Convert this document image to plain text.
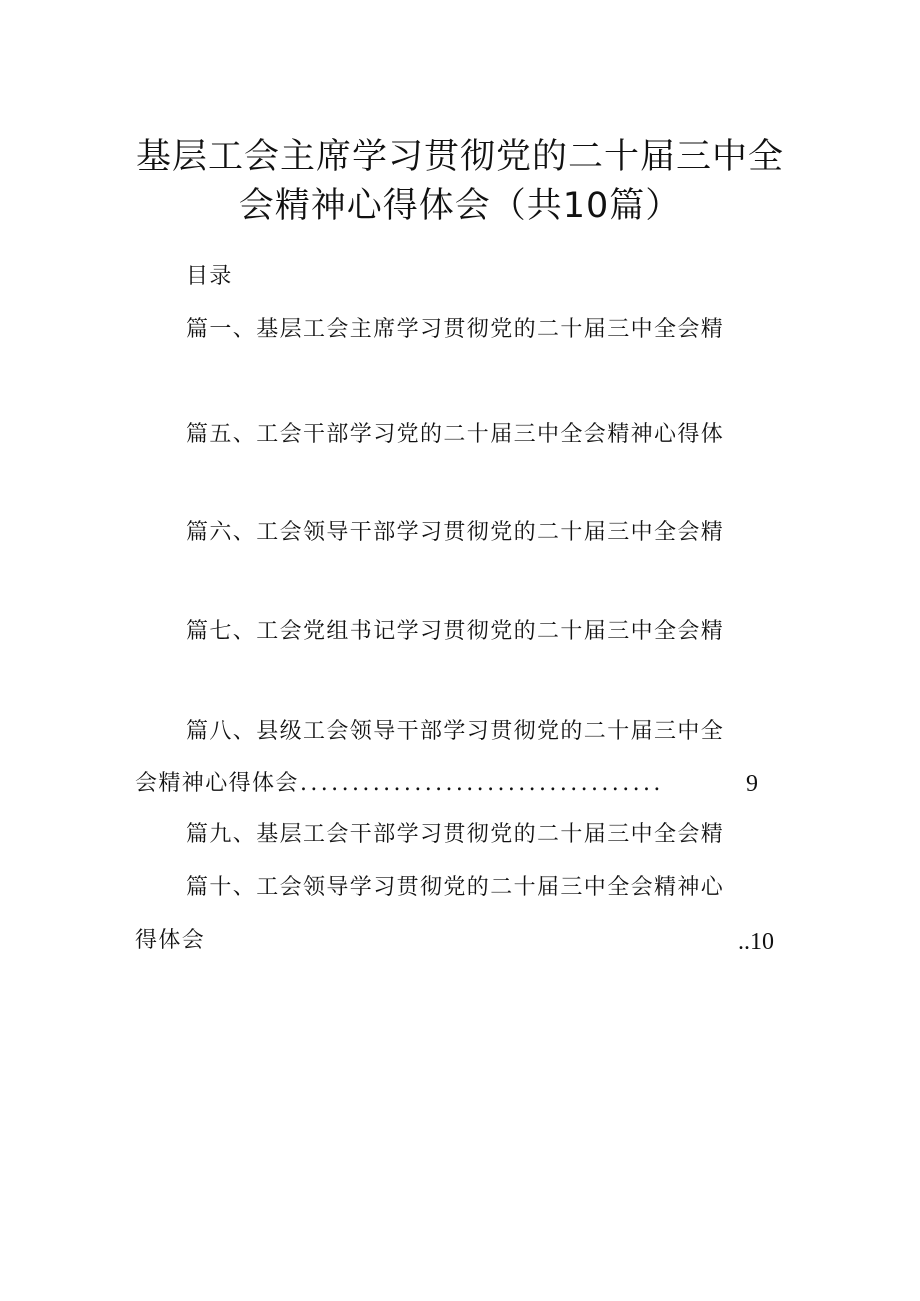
基层工会主席学习贯彻党的二十届三中全
会精神心得体会（共10篇）
目录
篇一、基层工会主席学习贯彻党的二十届三中全会精
篇五、工会干部学习党的二十届三中全会精神心得体
篇六、工会领导干部学习贯彻党的二十届三中全会精
篇七、工会党组书记学习贯彻党的二十届三中全会精
篇八、县级工会领导干部学习贯彻党的二十届三中全
会精神心得体会 ...................................	9
篇九、基层工会干部学习贯彻党的二十届三中全会精
篇十、工会领导学习贯彻党的二十届三中全会精神心
得体会	..10
